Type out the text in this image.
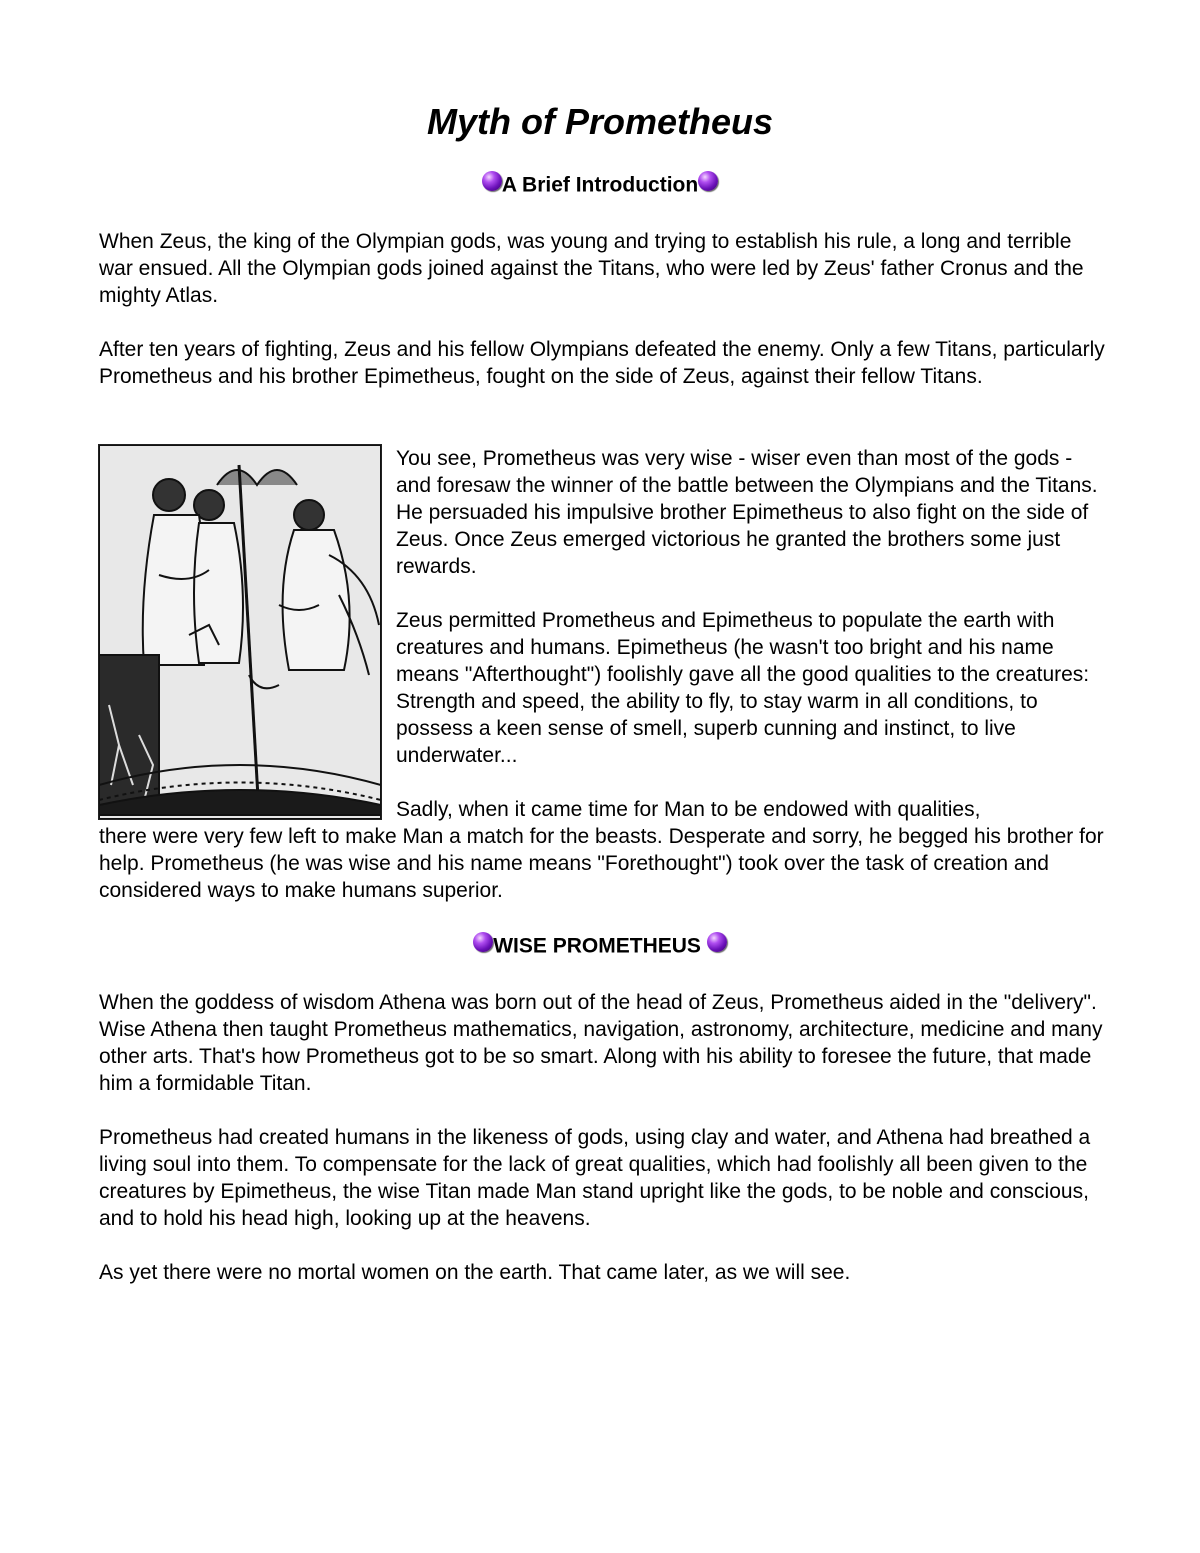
Myth of Prometheus
A Brief Introduction

When Zeus, the king of the Olympian gods, was young and trying to establish his rule, a long and terrible war ensued. All the Olympian gods joined against the Titans, who were led by Zeus' father Cronus and the mighty Atlas.

After ten years of fighting, Zeus and his fellow Olympians defeated the enemy. Only a few Titans, particularly Prometheus and his brother Epimetheus, fought on the side of Zeus, against their fellow Titans.

You see, Prometheus was very wise - wiser even than most of the gods - and foresaw the winner of the battle between the Olympians and the Titans. He persuaded his impulsive brother Epimetheus to also fight on the side of Zeus. Once Zeus emerged victorious he granted the brothers some just rewards.

Zeus permitted Prometheus and Epimetheus to populate the earth with creatures and humans. Epimetheus (he wasn't too bright and his name means "Afterthought") foolishly gave all the good qualities to the creatures: Strength and speed, the ability to fly, to stay warm in all conditions, to possess a keen sense of smell, superb cunning and instinct, to live underwater...

Sadly, when it came time for Man to be endowed with qualities,

there were very few left to make Man a match for the beasts. Desperate and sorry, he begged his brother for help. Prometheus (he was wise and his name means "Forethought") took over the task of creation and considered ways to make humans superior.

WISE PROMETHEUS

When the goddess of wisdom Athena was born out of the head of Zeus, Prometheus aided in the "delivery". Wise Athena then taught Prometheus mathematics, navigation, astronomy, architecture, medicine and many other arts. That's how Prometheus got to be so smart. Along with his ability to foresee the future, that made him a formidable Titan.

Prometheus had created humans in the likeness of gods, using clay and water, and Athena had breathed a living soul into them. To compensate for the lack of great qualities, which had foolishly all been given to the creatures by Epimetheus, the wise Titan made Man stand upright like the gods, to be noble and conscious, and to hold his head high, looking up at the heavens.

As yet there were no mortal women on the earth. That came later, as we will see.
